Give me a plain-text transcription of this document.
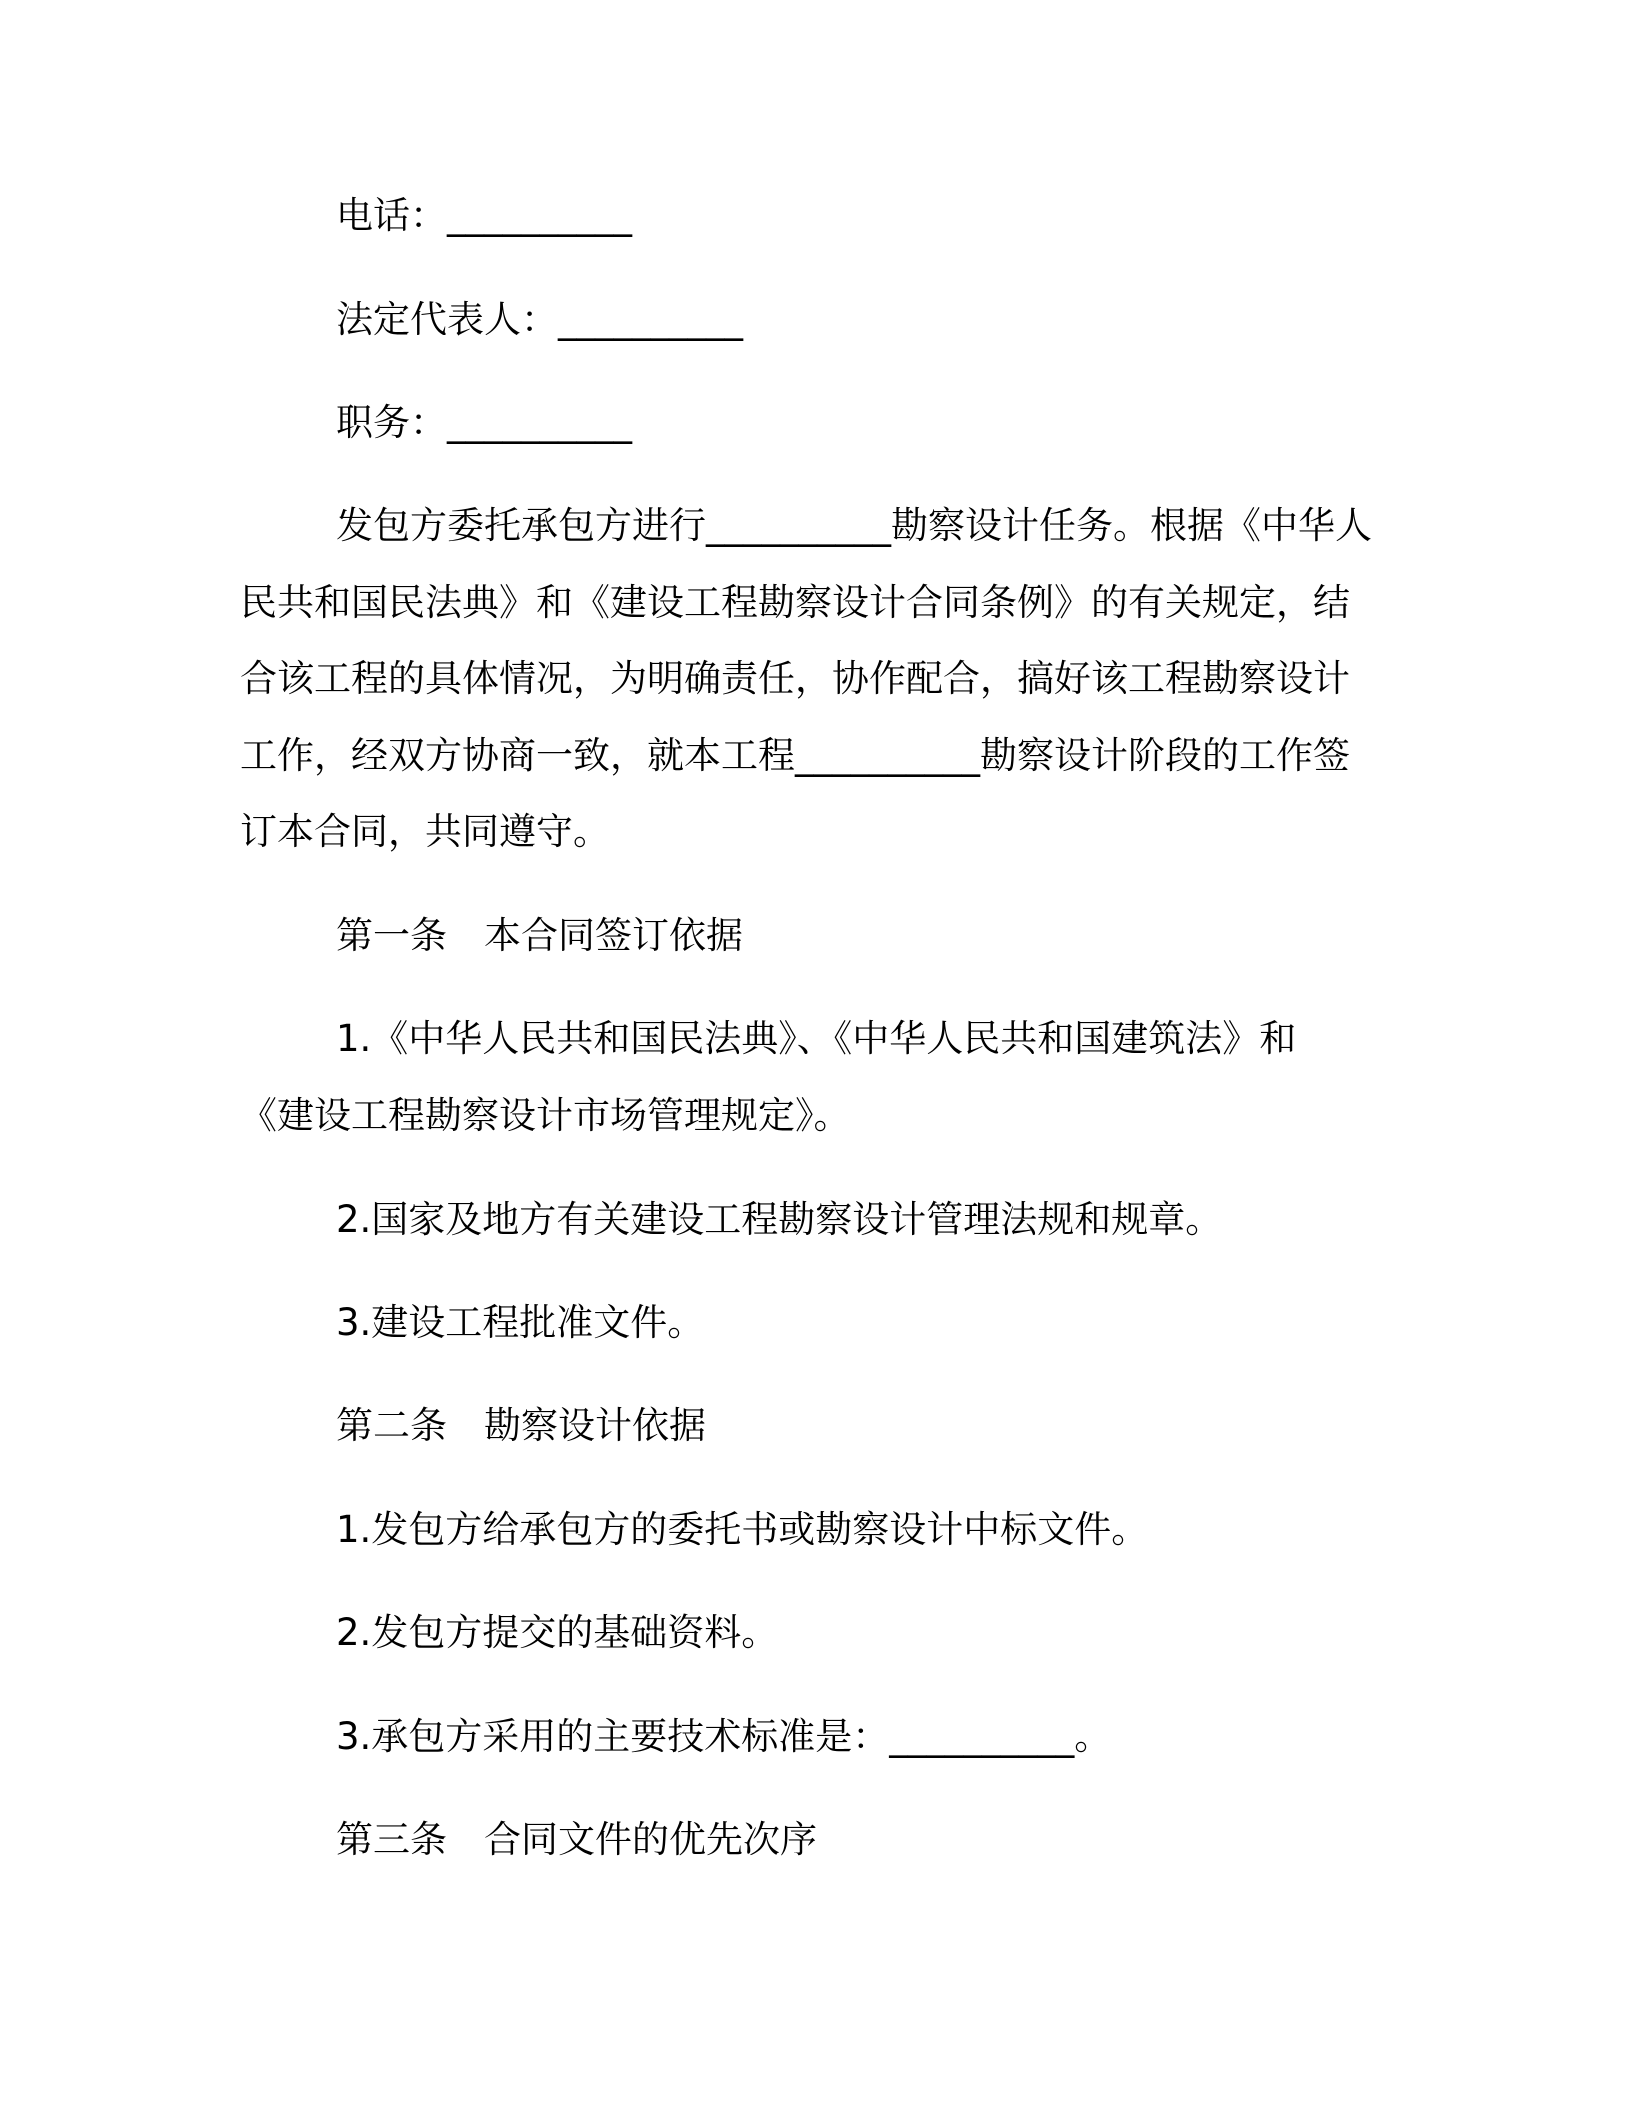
电话：__________
法定代表人：__________
职务：__________
发包方委托承包方进行__________勘察设计任务。根据《中华人
民共和国民法典》和《建设工程勘察设计合同条例》的有关规定，结
合该工程的具体情况，为明确责任，协作配合，搞好该工程勘察设计
工作，经双方协商一致，就本工程__________勘察设计阶段的工作签
订本合同，共同遵守。
第一条　本合同签订依据
1.《中华人民共和国民法典》、《中华人民共和国建筑法》和
《建设工程勘察设计市场管理规定》。
2.国家及地方有关建设工程勘察设计管理法规和规章。
3.建设工程批准文件。
第二条　勘察设计依据
1.发包方给承包方的委托书或勘察设计中标文件。
2.发包方提交的基础资料。
3.承包方采用的主要技术标准是：__________。
第三条　合同文件的优先次序
